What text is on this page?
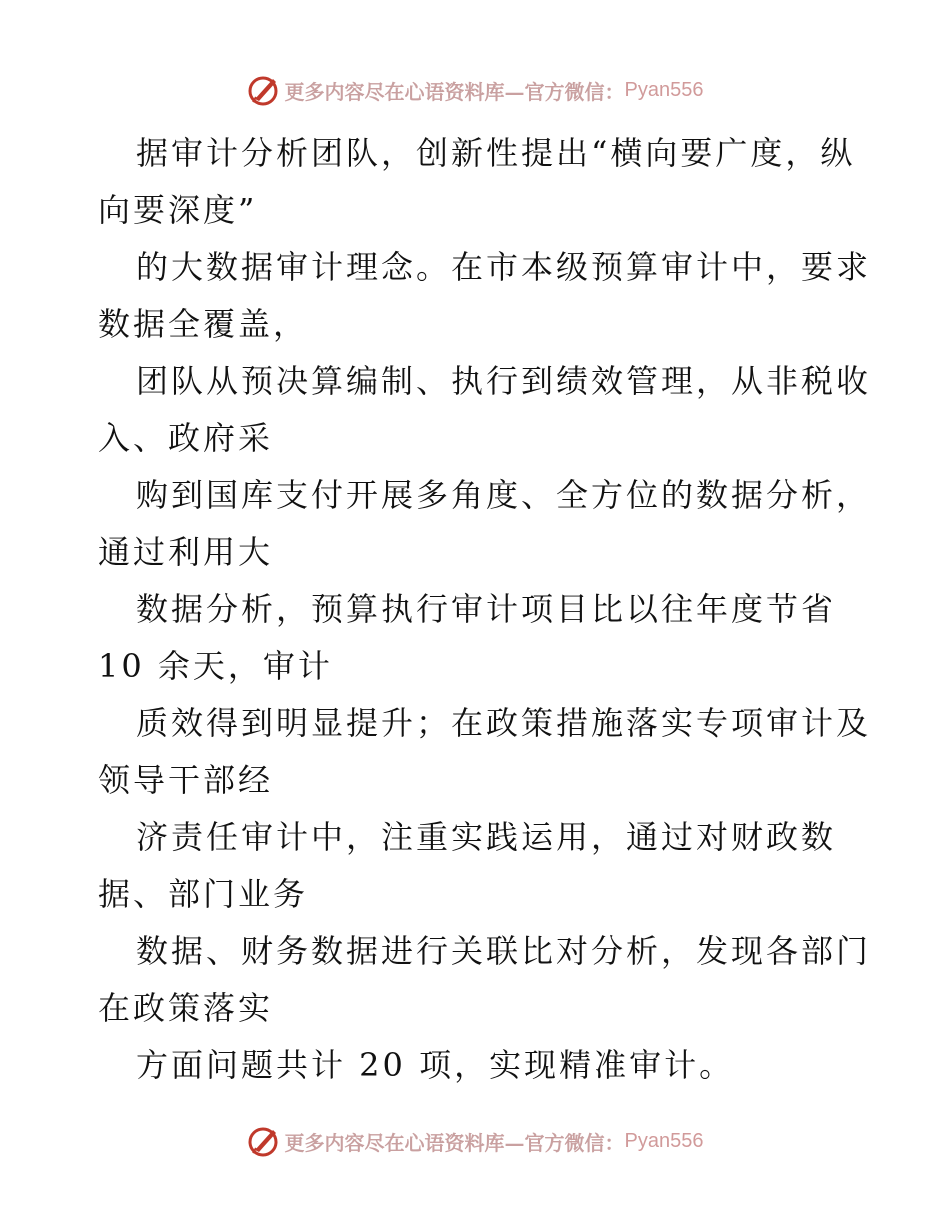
更多内容尽在心语资料库—官方微信： Pyan556
据审计分析团队，创新性提出“横向要广度，纵
向要深度”
的大数据审计理念。在市本级预算审计中，要求
数据全覆盖，
团队从预决算编制、执行到绩效管理，从非税收
入、政府采
购到国库支付开展多角度、全方位的数据分析，
通过利用大
数据分析，预算执行审计项目比以往年度节省
10 余天，审计
质效得到明显提升；在政策措施落实专项审计及
领导干部经
济责任审计中，注重实践运用，通过对财政数
据、部门业务
数据、财务数据进行关联比对分析，发现各部门
在政策落实
方面问题共计 20 项，实现精准审计。
更多内容尽在心语资料库—官方微信： Pyan556
